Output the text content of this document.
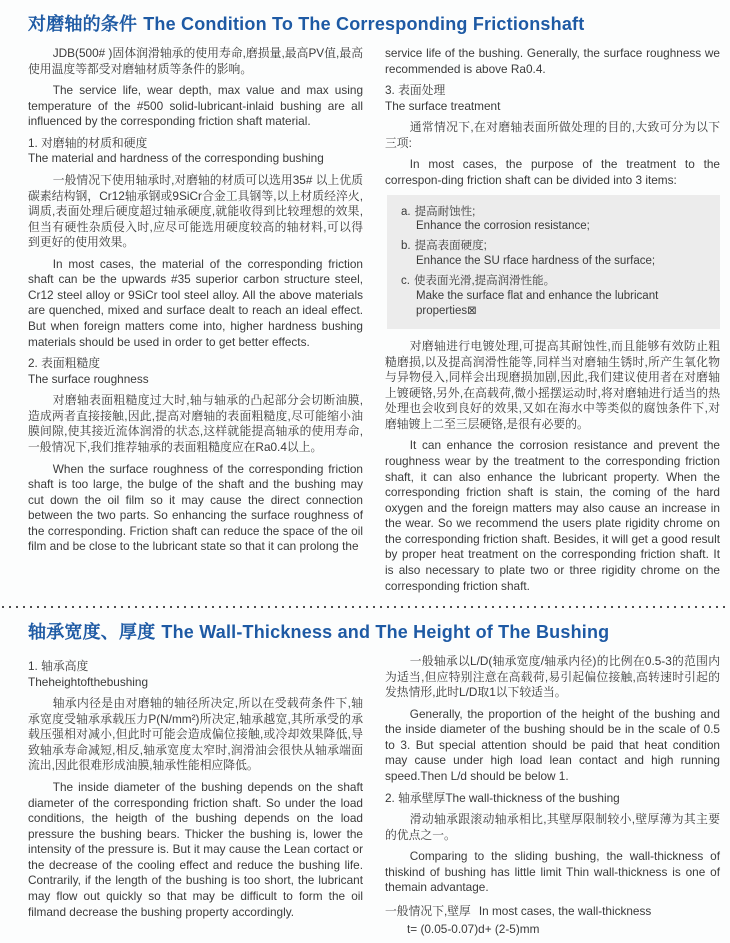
对磨轴的条件 The Condition To The Corresponding Frictionshaft

JDB(500# )固体润滑轴承的使用寿命,磨损量,最高PV值,最高使用温度等都受对磨轴材质等条件的影响。

The service life, wear depth, max value and max using temperature of the #500 solid-lubricant-inlaid bushing are all influenced by the corresponding friction shaft material.

1. 对磨轴的材质和硬度
The material and hardness of the corresponding bushing

一般情况下使用轴承时,对磨轴的材质可以选用35# 以上优质碳素结构钢，Cr12轴承钢或9SiCr合金工具钢等,以上材质经淬火,调质,表面处理后硬度超过轴承硬度,就能收得到比较理想的效果,但当有硬性杂质侵入时,应尽可能选用硬度较高的轴材料,可以得到更好的使用效果。

In most cases, the material of the corresponding friction shaft can be the upwards #35 superior carbon structure steel, Cr12 steel alloy or 9SiCr tool steel alloy. All the above materials are quenched, mixed and surface dealt to reach an ideal effect. But when foreign matters come into, higher hardness bushing materials should be used in order to get better effects.

2. 表面粗糙度
The surface roughness

对磨轴表面粗糙度过大时,轴与轴承的凸起部分会切断油膜,造成两者直接接触,因此,提高对磨轴的表面粗糙度,尽可能缩小油膜间隙,使其接近流体润滑的状态,这样就能提高轴承的使用寿命,一般情况下,我们推荐轴承的表面粗糙度应在Ra0.4以上。

When the surface roughness of the corresponding friction shaft is too large, the bulge of the shaft and the bushing may cut down the oil film so it may cause the direct connection between the two parts. So enhancing the surface roughness of the corresponding. Friction shaft can reduce the space of the oil film and be close to the lubricant state so that it can prolong the

service life of the bushing. Generally, the surface roughness we recommended is above Ra0.4.

3. 表面处理
The surface treatment

通常情况下,在对磨轴表面所做处理的目的,大致可分为以下三项:

In most cases, the purpose of the treatment to the correspon-ding friction shaft can be divided into 3 items:

a. 提高耐蚀性;
Enhance the corrosion resistance;
b. 提高表面硬度;
Enhance the SU rface hardness of the surface;
c. 使表面光滑,提高润滑性能。
Make the surface flat and enhance the lubricant properties⊠

对磨轴进行电镀处理,可提高其耐蚀性,而且能够有效防止粗糙磨损,以及提高润滑性能等,同样当对磨轴生锈时,所产生氧化物与异物侵入,同样会出现磨损加剧,因此,我们建议使用者在对磨轴上镀硬铬,另外,在高载荷,微小摇摆运动时,将对磨轴进行适当的热处理也会收到良好的效果,又如在海水中等类似的腐蚀条件下,对磨轴镀上二至三层硬铬,是很有必要的。

It can enhance the corrosion resistance and prevent the roughness wear by the treatment to the corresponding friction shaft, it can also enhance the lubricant property. When the corresponding friction shaft is stain, the coming of the hard oxygen and the foreign matters may also cause an increase in the wear. So we recommend the users plate rigidity chrome on the corresponding friction shaft. Besides, it will get a good result by proper heat treatment on the corresponding friction shaft. It is also necessary to plate two or three rigidity chrome on the corresponding friction shaft.

轴承宽度、厚度 The Wall-Thickness and The Height of The Bushing
1. 轴承高度
Theheightofthebushing

轴承内径是由对磨轴的轴径所决定,所以在受载荷条件下,轴承宽度受轴承承载压力P(N/mm²)所决定,轴承越宽,其所承受的承载压强相对减小,但此时可能会造成偏位接触,或冷却效果降低,导致轴承寿命减短,相反,轴承宽度太窄时,润滑油会很快从轴承端面流出,因此很难形成油膜,轴承性能相应降低。

The inside diameter of the bushing depends on the shaft diameter of the corresponding friction shaft. So under the load conditions, the heigth of the bushing depends on the load pressure the bushing bears. Thicker the bushing is, lower the intensity of the pressure is. But it may cause the Lean cortact or the decrease of the cooling effect and reduce the bushing life. Contrarily, if the length of the bushing is too short, the lubricant may flow out quickly so that may be difficult to form the oil filmand decrease the bushing property accordingly.

一般轴承以L/D(轴承宽度/轴承内径)的比例在0.5-3的范围内为适当,但应特别注意在高载荷,易引起偏位接触,高转速时引起的发热情形,此时L/D取1以下较适当。

Generally, the proportion of the height of the bushing and the inside diameter of the bushing should be in the scale of 0.5 to 3. But special attention should be paid that heat condition may cause under high load lean contact and high running speed.Then L/d should be below 1.

2. 轴承壁厚The wall-thickness of the bushing

滑动轴承跟滚动轴承相比,其壁厚限制较小,壁厚薄为其主要的优点之一。

Comparing to the sliding bushing, the wall-thickness of thiskind of bushing has little limit Thin wall-thickness is one of themain advantage.

一般情况下,壁厚 In most cases, the wall-thickness

t= (0.05-0.07)d+ (2-5)mm
